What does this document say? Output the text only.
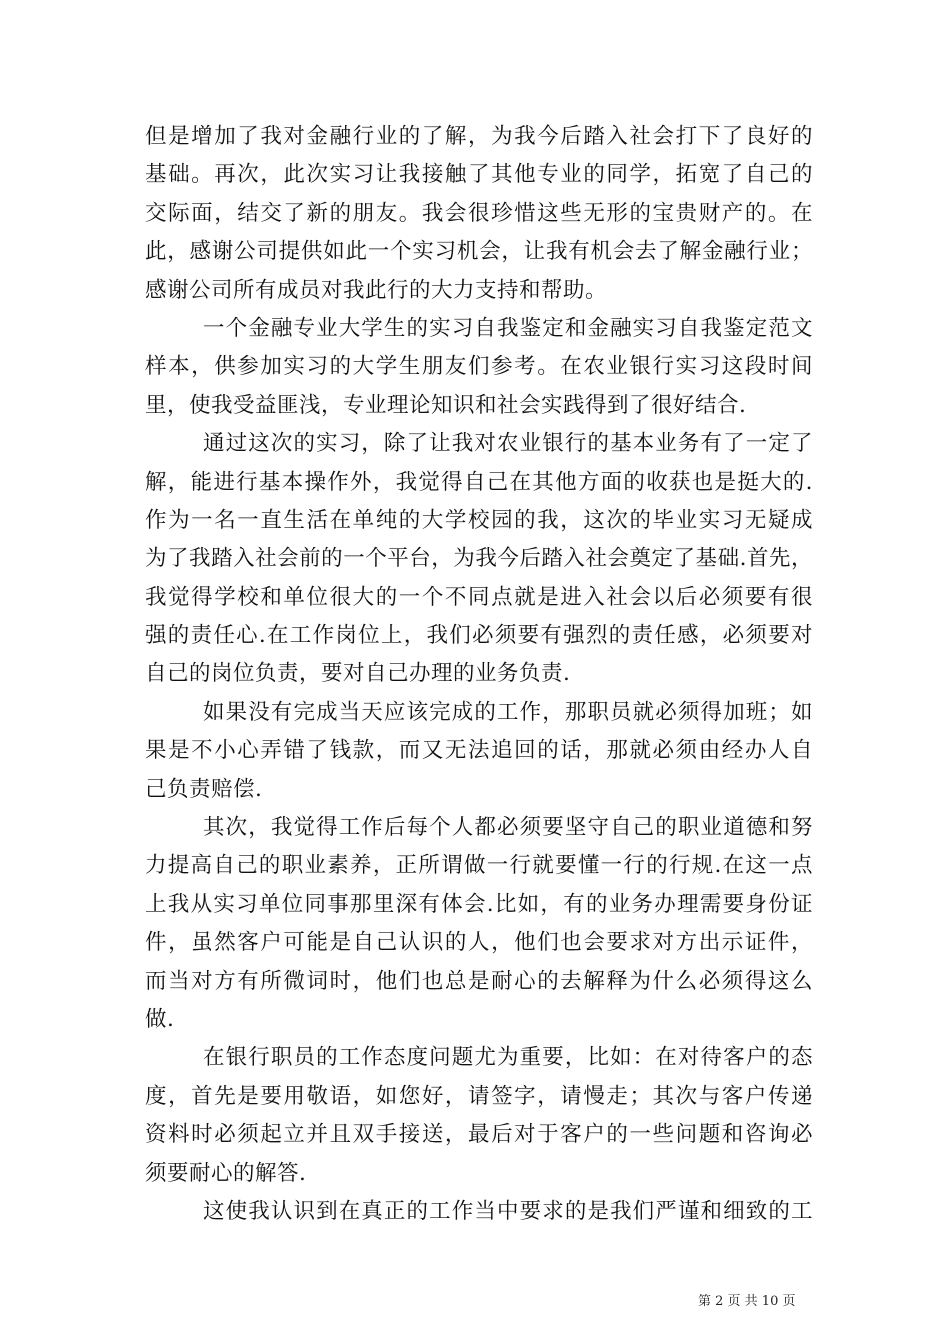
但是增加了我对金融行业的了解，为我今后踏入社会打下了良好的
基础。再次，此次实习让我接触了其他专业的同学，拓宽了自己的
交际面，结交了新的朋友。我会很珍惜这些无形的宝贵财产的。在
此，感谢公司提供如此一个实习机会，让我有机会去了解金融行业；
感谢公司所有成员对我此行的大力支持和帮助。
一个金融专业大学生的实习自我鉴定和金融实习自我鉴定范文
样本，供参加实习的大学生朋友们参考。在农业银行实习这段时间
里，使我受益匪浅，专业理论知识和社会实践得到了很好结合.
通过这次的实习，除了让我对农业银行的基本业务有了一定了
解，能进行基本操作外，我觉得自己在其他方面的收获也是挺大的.
作为一名一直生活在单纯的大学校园的我，这次的毕业实习无疑成
为了我踏入社会前的一个平台，为我今后踏入社会奠定了基础.首先，
我觉得学校和单位很大的一个不同点就是进入社会以后必须要有很
强的责任心.在工作岗位上，我们必须要有强烈的责任感，必须要对
自己的岗位负责，要对自己办理的业务负责.
如果没有完成当天应该完成的工作，那职员就必须得加班；如
果是不小心弄错了钱款，而又无法追回的话，那就必须由经办人自
己负责赔偿.
其次，我觉得工作后每个人都必须要坚守自己的职业道德和努
力提高自己的职业素养，正所谓做一行就要懂一行的行规.在这一点
上我从实习单位同事那里深有体会.比如，有的业务办理需要身份证
件，虽然客户可能是自己认识的人，他们也会要求对方出示证件，
而当对方有所微词时，他们也总是耐心的去解释为什么必须得这么
做.
在银行职员的工作态度问题尤为重要，比如：在对待客户的态
度，首先是要用敬语，如您好，请签字，请慢走；其次与客户传递
资料时必须起立并且双手接送，最后对于客户的一些问题和咨询必
须要耐心的解答.
这使我认识到在真正的工作当中要求的是我们严谨和细致的工
第 2 页 共 10 页
